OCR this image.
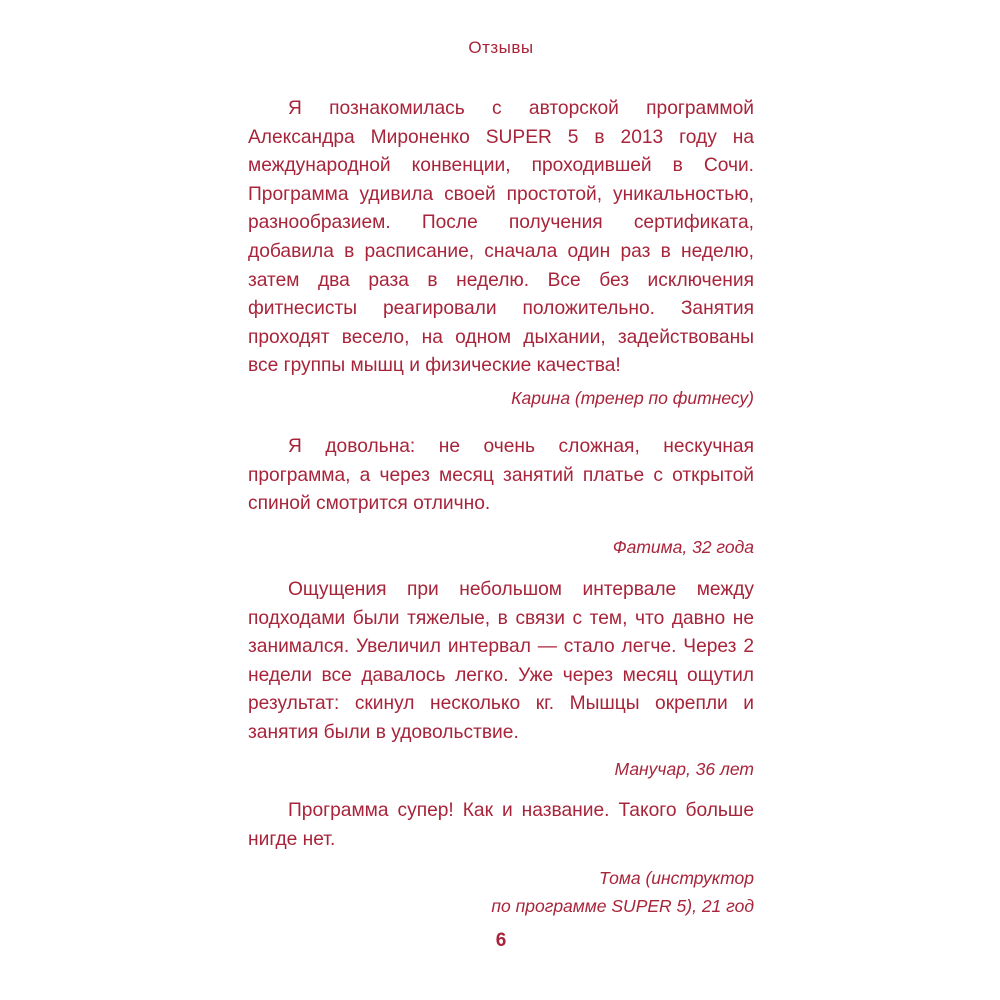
Отзывы

Я познакомилась с авторской программой Александра Мироненко SUPER 5 в 2013 году на международной конвенции, проходившей в Сочи. Программа удивила своей простотой, уникальностью, разнообразием. После получения сертификата, добавила в расписание, сначала один раз в неделю, затем два раза в неделю. Все без исключения фитнесисты реагировали положительно. Занятия проходят весело, на одном дыхании, задействованы все группы мышц и физические качества!

Карина (тренер по фитнесу)

Я довольна: не очень сложная, нескучная программа, а через месяц занятий платье с открытой спиной смотрится отлично.

Фатима, 32 года

Ощущения при небольшом интервале между подходами были тяжелые, в связи с тем, что давно не занимался. Увеличил интервал — стало легче. Через 2 недели все давалось легко. Уже через месяц ощутил результат: скинул несколько кг. Мышцы окрепли и занятия были в удовольствие.

Манучар, 36 лет

Программа супер! Как и название. Такого больше нигде нет.

Тома (инструктор
по программе SUPER 5), 21 год

6
